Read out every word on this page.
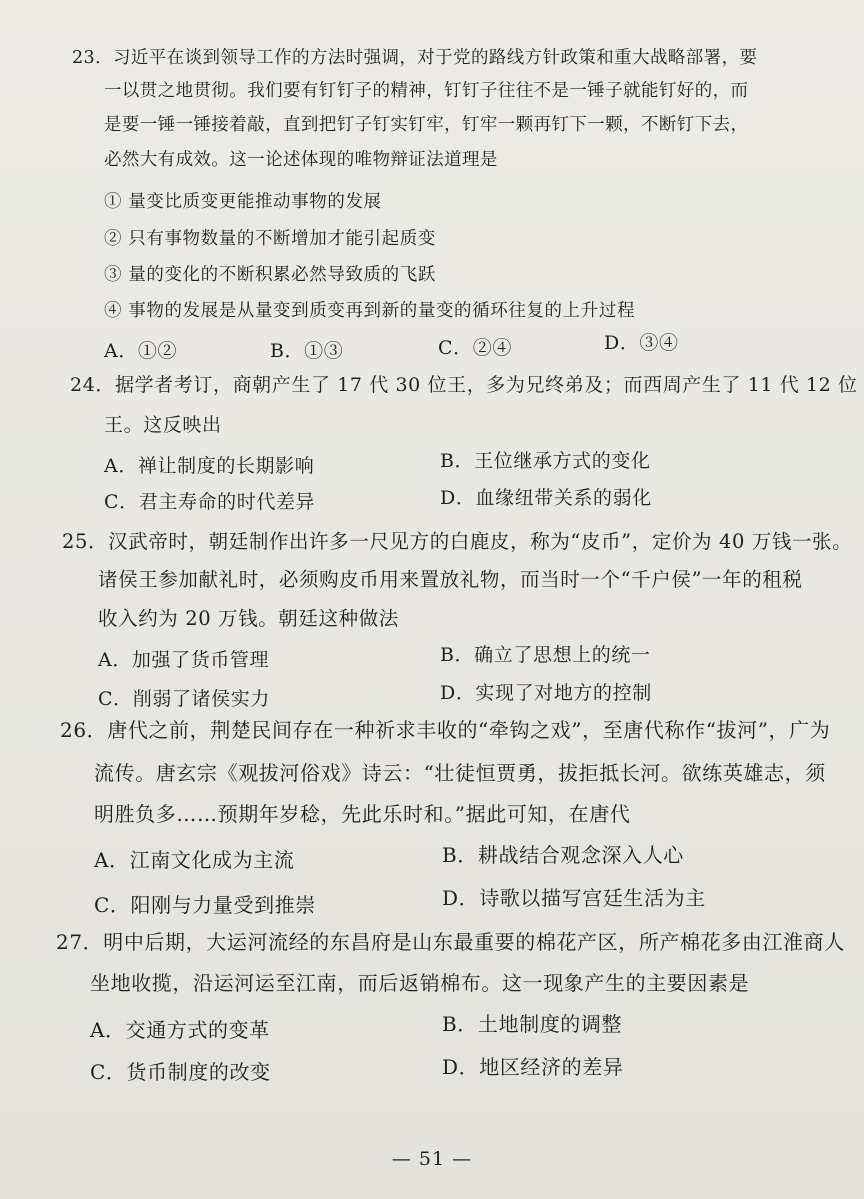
23．习近平在谈到领导工作的方法时强调，对于党的路线方针政策和重大战略部署，要
一以贯之地贯彻。我们要有钉钉子的精神，钉钉子往往不是一锤子就能钉好的，而
是要一锤一锤接着敲，直到把钉子钉实钉牢，钉牢一颗再钉下一颗，不断钉下去，
必然大有成效。这一论述体现的唯物辩证法道理是
① 量变比质变更能推动事物的发展
② 只有事物数量的不断增加才能引起质变
③ 量的变化的不断积累必然导致质的飞跃
④ 事物的发展是从量变到质变再到新的量变的循环往复的上升过程
A．①②	B．①③	C．②④	D．③④
24．据学者考订，商朝产生了 17 代 30 位王，多为兄终弟及；而西周产生了 11 代 12 位
王。这反映出
A．禅让制度的长期影响	B．王位继承方式的变化
C．君主寿命的时代差异	D．血缘纽带关系的弱化
25．汉武帝时，朝廷制作出许多一尺见方的白鹿皮，称为“皮币”，定价为 40 万钱一张。
诸侯王参加献礼时，必须购皮币用来置放礼物，而当时一个“千户侯”一年的租税
收入约为 20 万钱。朝廷这种做法
A．加强了货币管理	B．确立了思想上的统一
C．削弱了诸侯实力	D．实现了对地方的控制
26．唐代之前，荆楚民间存在一种祈求丰收的“牵钩之戏”，至唐代称作“拔河”，广为
流传。唐玄宗《观拔河俗戏》诗云：“壮徒恒贾勇，拔拒抵长河。欲练英雄志，须
明胜负多……预期年岁稔，先此乐时和。”据此可知，在唐代
A．江南文化成为主流	B．耕战结合观念深入人心
C．阳刚与力量受到推崇	D．诗歌以描写宫廷生活为主
27．明中后期，大运河流经的东昌府是山东最重要的棉花产区，所产棉花多由江淮商人
坐地收揽，沿运河运至江南，而后返销棉布。这一现象产生的主要因素是
A．交通方式的变革	B．土地制度的调整
C．货币制度的改变	D．地区经济的差异
— 51 —
